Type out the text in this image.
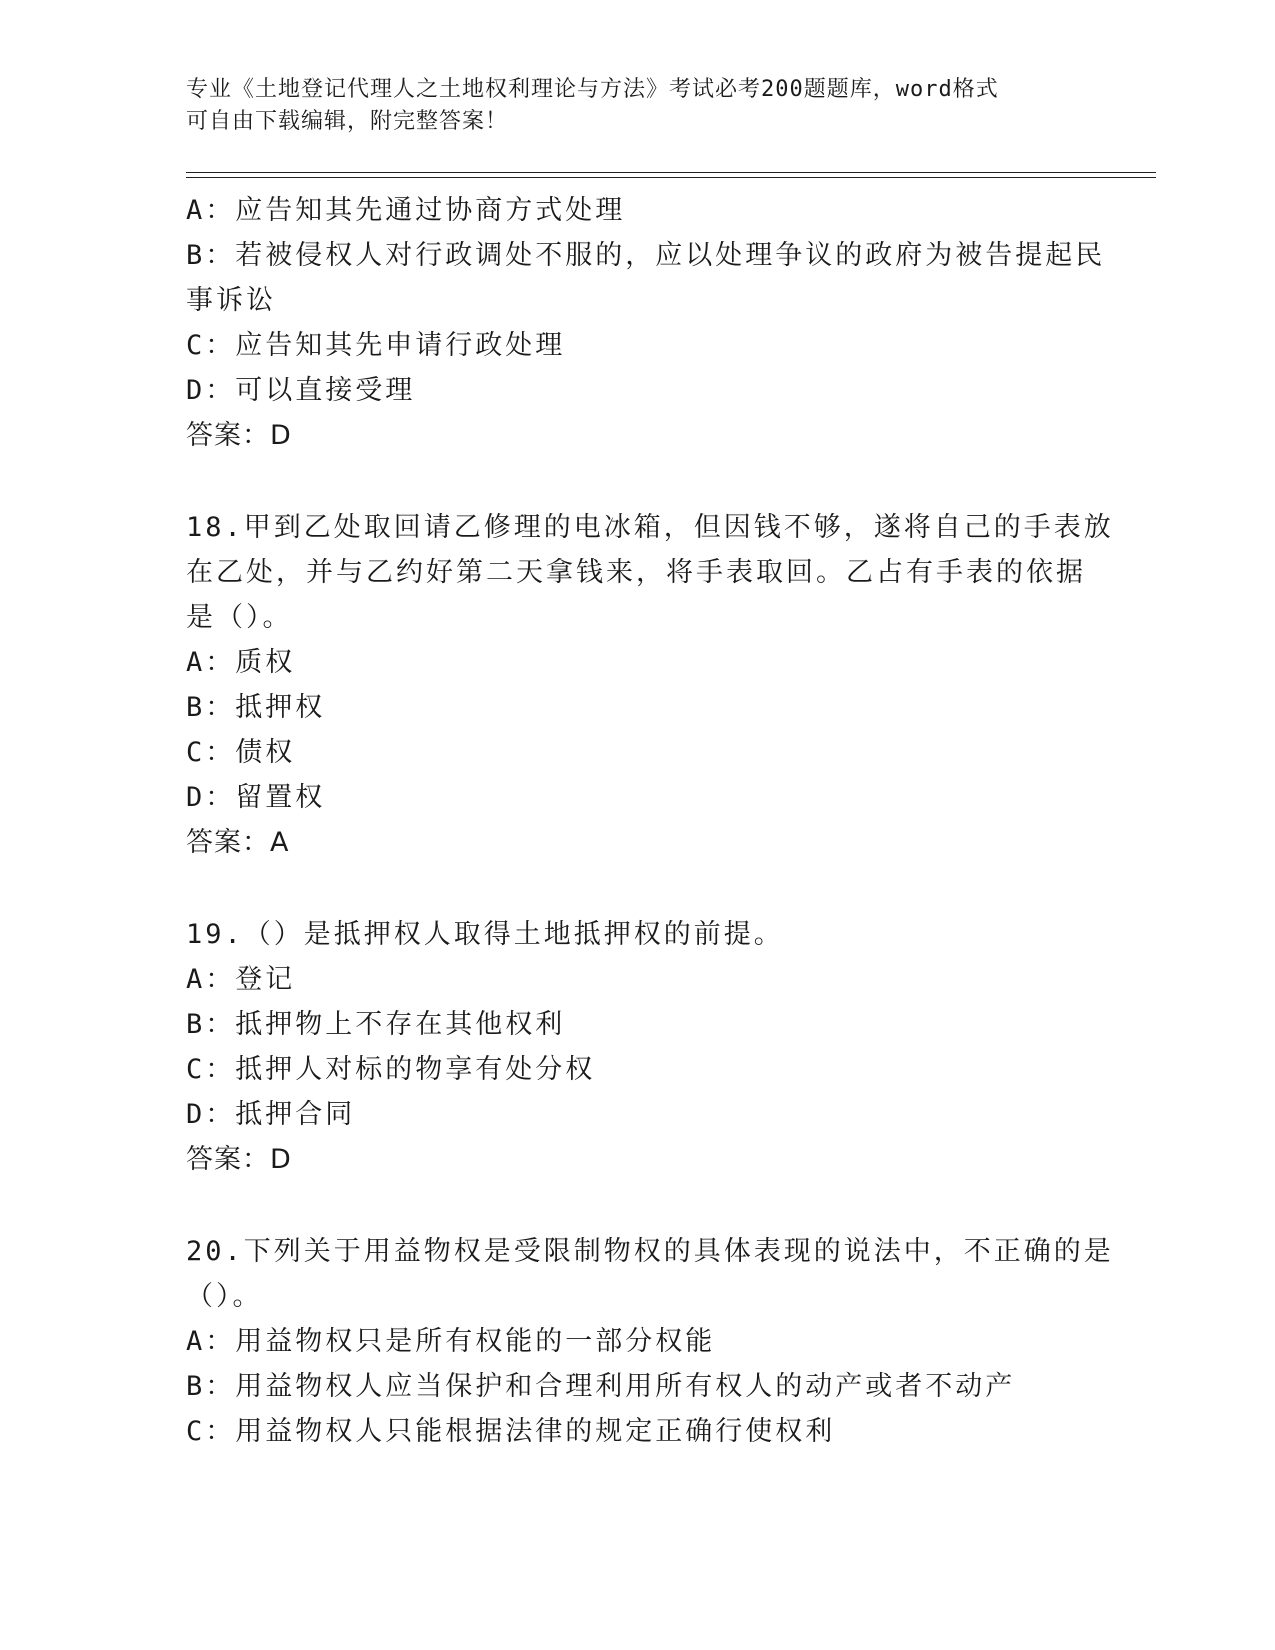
专业《土地登记代理人之土地权利理论与方法》考试必考200题题库，word格式
可自由下载编辑，附完整答案！
A：应告知其先通过协商方式处理
B：若被侵权人对行政调处不服的，应以处理争议的政府为被告提起民
事诉讼
C：应告知其先申请行政处理
D：可以直接受理
答案：D
18.甲到乙处取回请乙修理的电冰箱，但因钱不够，遂将自己的手表放
在乙处，并与乙约好第二天拿钱来，将手表取回。乙占有手表的依据
是（）。
A：质权
B：抵押权
C：债权
D：留置权
答案：A
19.（）是抵押权人取得土地抵押权的前提。
A：登记
B：抵押物上不存在其他权利
C：抵押人对标的物享有处分权
D：抵押合同
答案：D
20.下列关于用益物权是受限制物权的具体表现的说法中，不正确的是
（）。
A：用益物权只是所有权能的一部分权能
B：用益物权人应当保护和合理利用所有权人的动产或者不动产
C：用益物权人只能根据法律的规定正确行使权利
